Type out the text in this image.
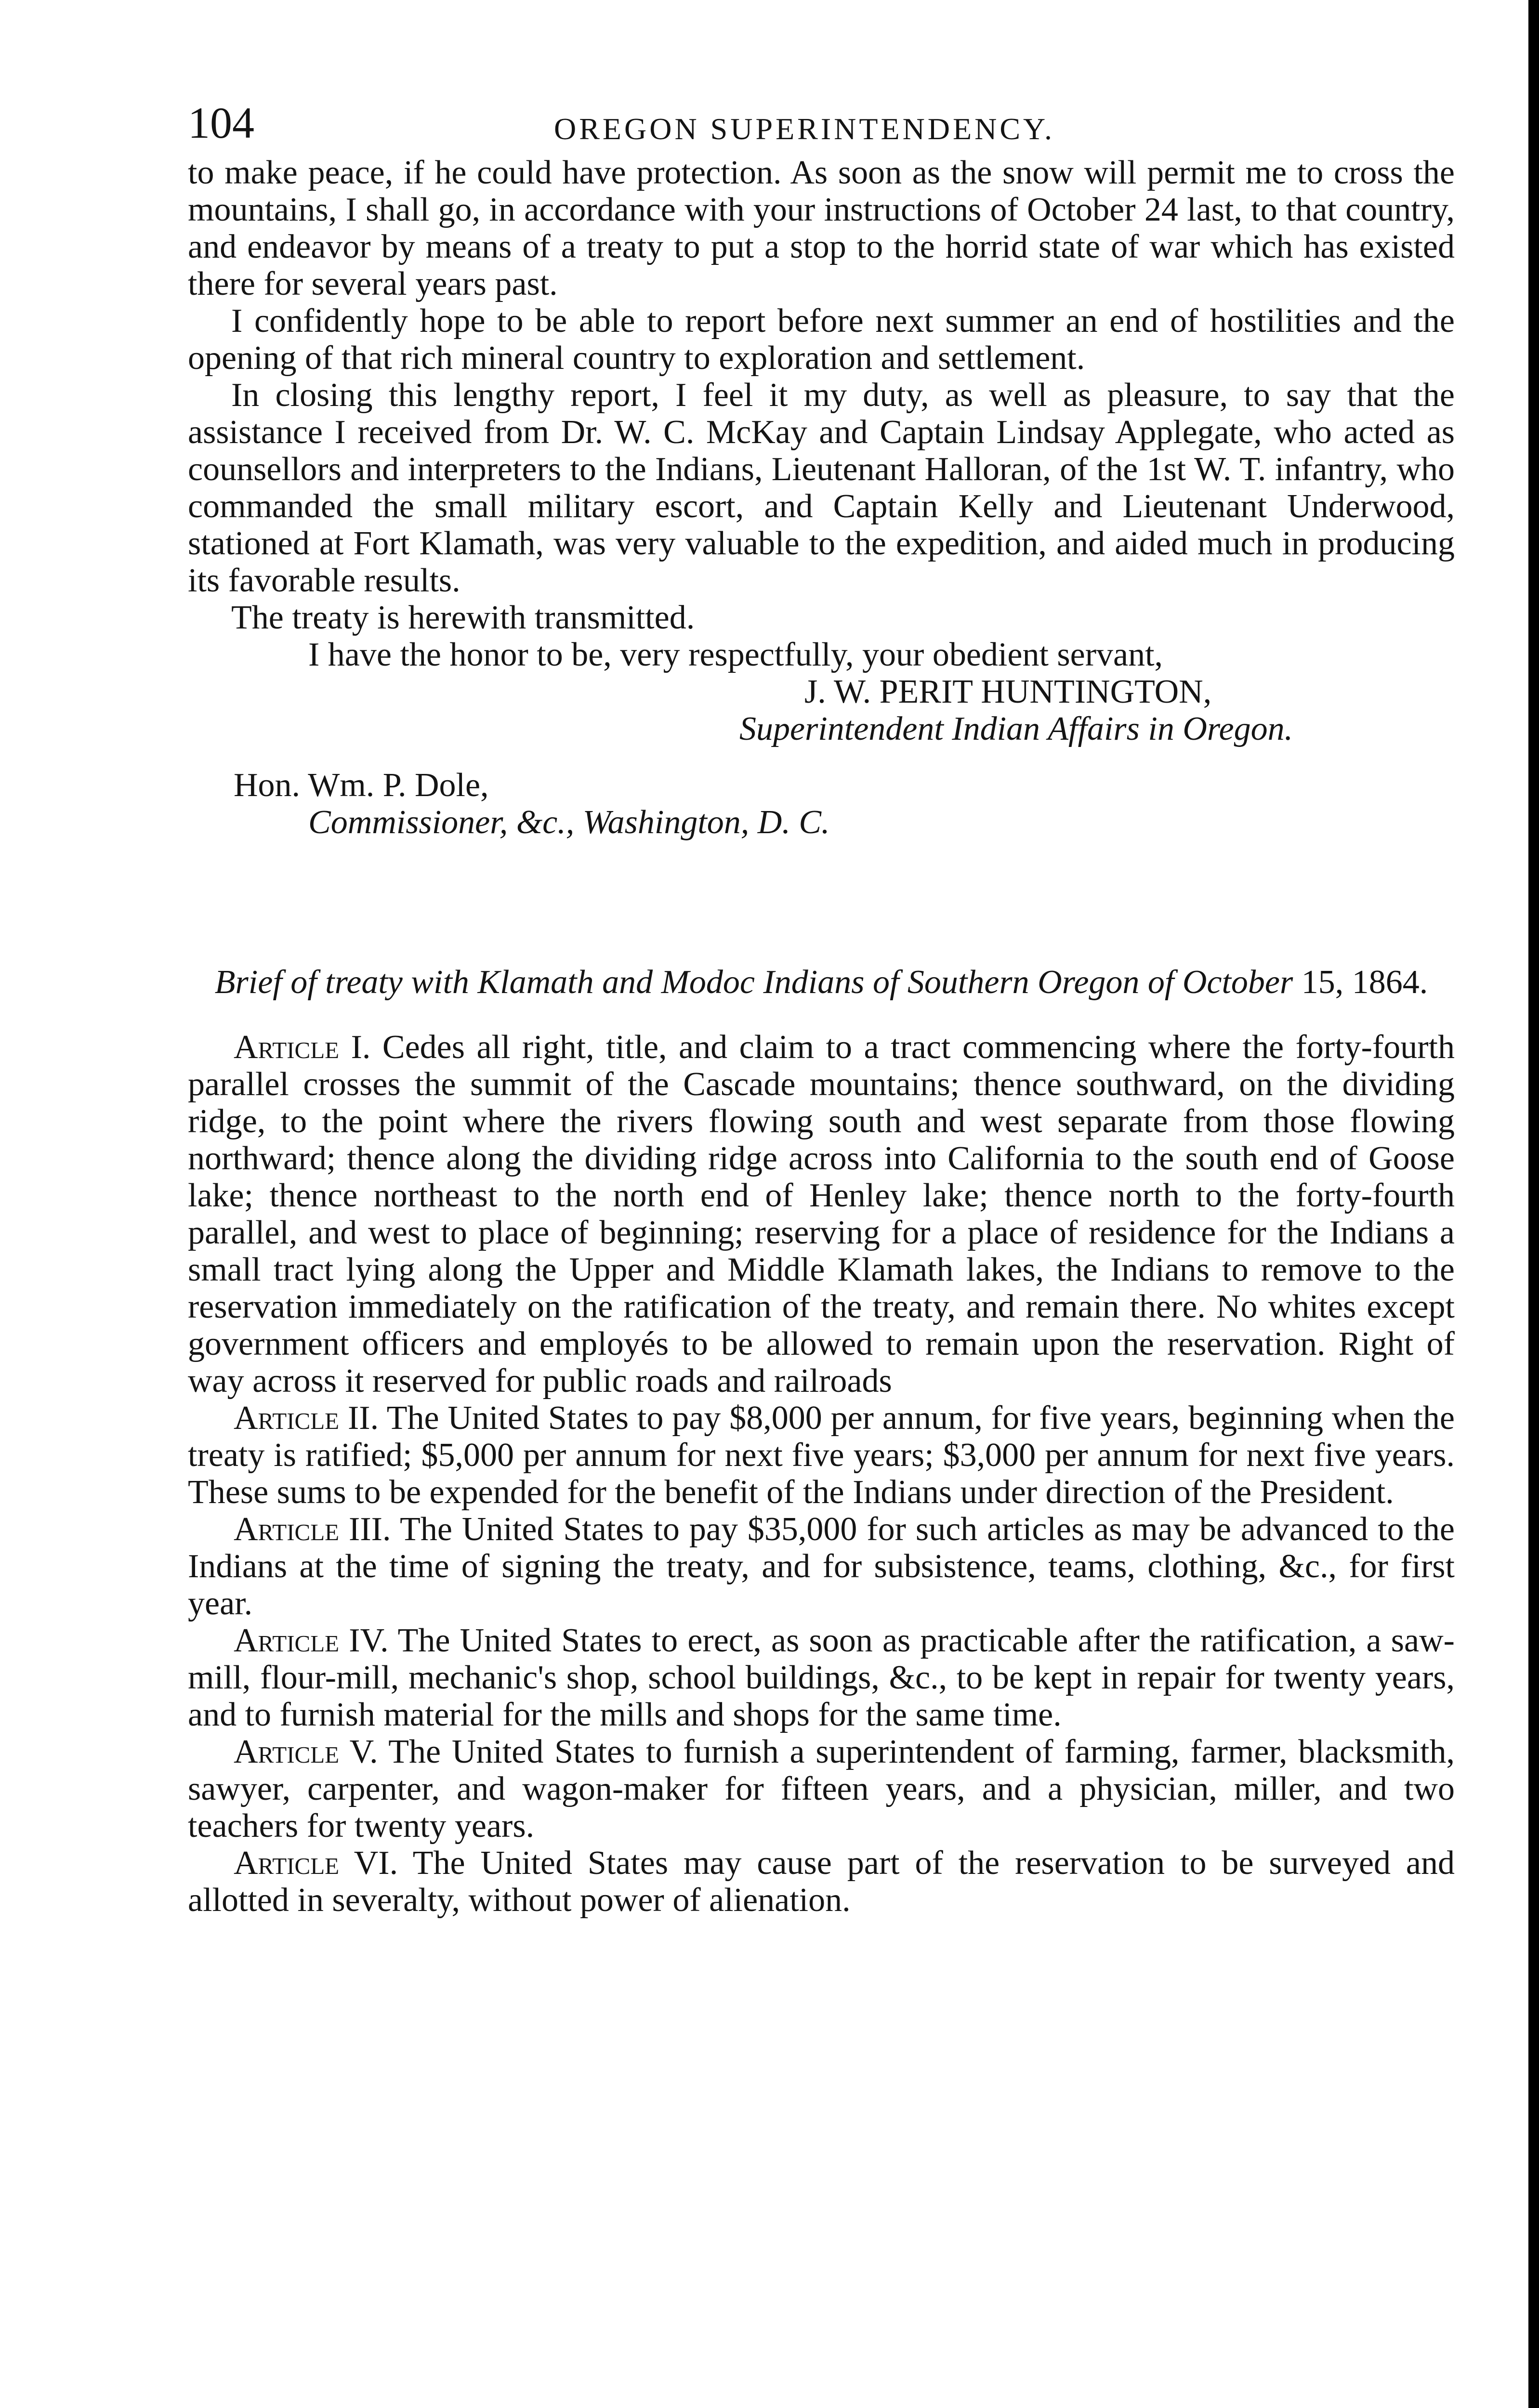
104	OREGON SUPERINTENDENCY.

to make peace, if he could have protection. As soon as the snow will permit me to cross the mountains, I shall go, in accordance with your instructions of October 24 last, to that country, and endeavor by means of a treaty to put a stop to the horrid state of war which has existed there for several years past.

I confidently hope to be able to report before next summer an end of hostilities and the opening of that rich mineral country to exploration and settlement.

In closing this lengthy report, I feel it my duty, as well as pleasure, to say that the assistance I received from Dr. W. C. McKay and Captain Lindsay Applegate, who acted as counsellors and interpreters to the Indians, Lieutenant Halloran, of the 1st W. T. infantry, who commanded the small military escort, and Captain Kelly and Lieutenant Underwood, stationed at Fort Klamath, was very valuable to the expedition, and aided much in producing its favorable results.

The treaty is herewith transmitted.

I have the honor to be, very respectfully, your obedient servant,

J. W. PERIT HUNTINGTON,

Superintendent Indian Affairs in Oregon.

Hon. Wm. P. Dole,

Commissioner, &c., Washington, D. C.

Brief of treaty with Klamath and Modoc Indians of Southern Oregon of October 15, 1864.

Article I. Cedes all right, title, and claim to a tract commencing where the forty-fourth parallel crosses the summit of the Cascade mountains; thence southward, on the dividing ridge, to the point where the rivers flowing south and west separate from those flowing northward; thence along the dividing ridge across into California to the south end of Goose lake; thence northeast to the north end of Henley lake; thence north to the forty-fourth parallel, and west to place of beginning; reserving for a place of residence for the Indians a small tract lying along the Upper and Middle Klamath lakes, the Indians to remove to the reservation immediately on the ratification of the treaty, and remain there. No whites except government officers and employés to be allowed to remain upon the reservation. Right of way across it reserved for public roads and railroads

Article II. The United States to pay $8,000 per annum, for five years, beginning when the treaty is ratified; $5,000 per annum for next five years; $3,000 per annum for next five years. These sums to be expended for the benefit of the Indians under direction of the President.

Article III. The United States to pay $35,000 for such articles as may be advanced to the Indians at the time of signing the treaty, and for subsistence, teams, clothing, &c., for first year.

Article IV. The United States to erect, as soon as practicable after the ratification, a saw-mill, flour-mill, mechanic's shop, school buildings, &c., to be kept in repair for twenty years, and to furnish material for the mills and shops for the same time.

Article V. The United States to furnish a superintendent of farming, farmer, blacksmith, sawyer, carpenter, and wagon-maker for fifteen years, and a physician, miller, and two teachers for twenty years.

Article VI. The United States may cause part of the reservation to be surveyed and allotted in severalty, without power of alienation.
